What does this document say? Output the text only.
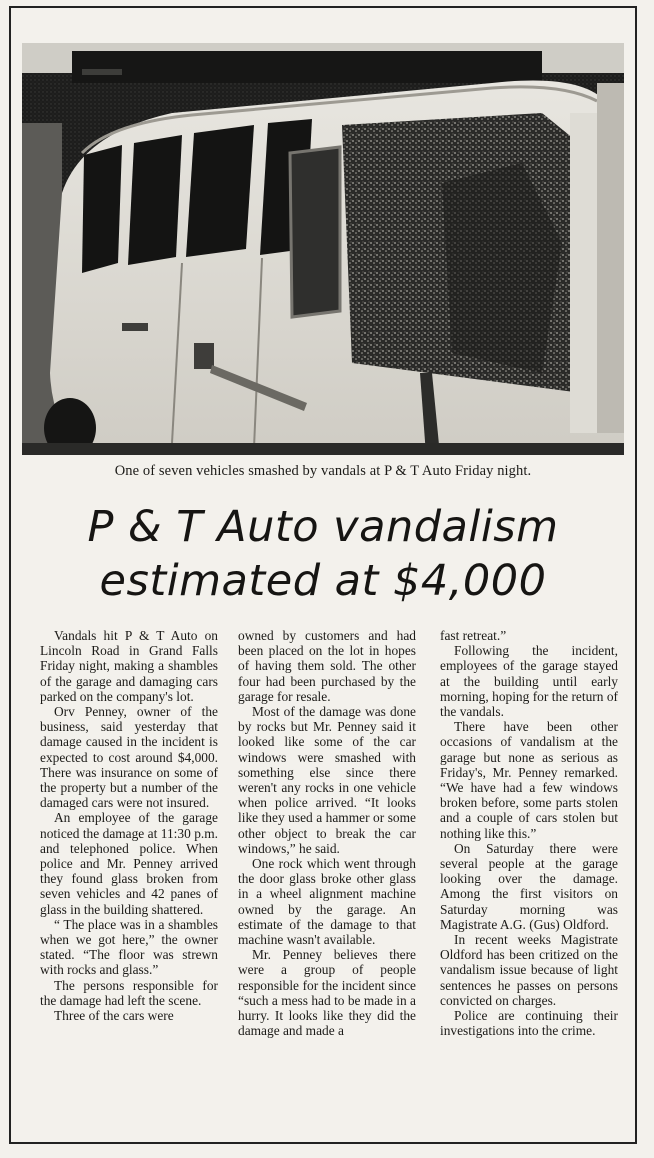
One of seven vehicles smashed by vandals at P & T Auto Friday night.
P & T Auto vandalism
estimated at $4,000

Vandals hit P & T Auto on Lincoln Road in Grand Falls Friday night, making a shambles of the garage and damaging cars parked on the company's lot.

Orv Penney, owner of the business, said yesterday that damage caused in the incident is expected to cost around $4,000. There was insurance on some of the property but a number of the damaged cars were not insured.

An employee of the garage noticed the damage at 11:30 p.m. and telephoned police. When police and Mr. Penney arrived they found glass broken from seven vehicles and 42 panes of glass in the building shattered.

“ The place was in a shambles when we got here,” the owner stated. “The floor was strewn with rocks and glass.”

The persons responsible for the damage had left the scene.

Three of the cars were

owned by customers and had been placed on the lot in hopes of having them sold. The other four had been purchased by the garage for resale.

Most of the damage was done by rocks but Mr. Penney said it looked like some of the car windows were smashed with something else since there weren't any rocks in one vehicle when police arrived. “It looks like they used a hammer or some other object to break the car windows,” he said.

One rock which went through the door glass broke other glass in a wheel alignment machine owned by the garage. An estimate of the damage to that machine wasn't available.

Mr. Penney believes there were a group of people responsible for the incident since “such a mess had to be made in a hurry. It looks like they did the damage and made a

fast retreat.”

Following the incident, employees of the garage stayed at the building until early morning, hoping for the return of the vandals.

There have been other occasions of vandalism at the garage but none as serious as Friday's, Mr. Penney remarked. “We have had a few windows broken before, some parts stolen and a couple of cars stolen but nothing like this.”

On Saturday there were several people at the garage looking over the damage. Among the first visitors on Saturday morning was Magistrate A.G. (Gus) Oldford.

In recent weeks Magistrate Oldford has been critized on the vandalism issue because of light sentences he passes on persons convicted on charges.

Police are continuing their investigations into the crime.
